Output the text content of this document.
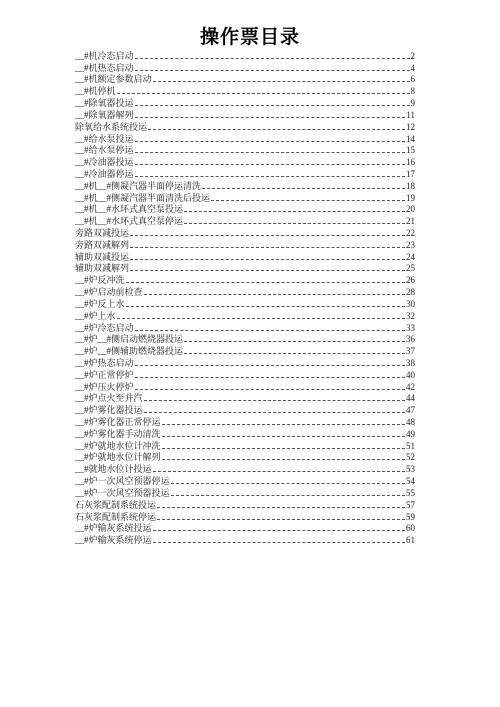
操作票目录
__#机冷态启动	2
__#机热态启动	4
__#机额定参数启动	6
__#机停机	8
__#除氧器投运	9
__#除氧器解列	11
除氧给水系统投运	12
__#给水泵投运	14
__#给水泵停运	15
__#冷油器投运	16
__#冷油器停运	17
__#机__#侧凝汽器半面停运清洗	18
__#机__#侧凝汽器半面清洗后投运	19
__#机__#水环式真空泵投运	20
__#机__#水环式真空泵停运	21
旁路双减投运	22
旁路双减解列	23
辅助双减投运	24
辅助双减解列	25
__#炉反冲洗	26
__#炉启动前检查	28
__#炉反上水	30
__#炉上水	32
__#炉冷态启动	33
__#炉__#侧启动燃烧器投运	36
__#炉__#侧辅助燃烧器投运	37
__#炉热态启动	38
__#炉正常停炉	40
__#炉压火停炉	42
__#炉点火至并汽	44
__#炉雾化器投运	47
__#炉雾化器正常停运	48
__#炉雾化器手动清洗	49
__#炉就地水位计冲洗	51
__#炉就地水位计解列	52
__#就地水位计投运	53
__#炉一次风空预器停运	54
__#炉一次风空预器投运	55
石灰浆配制系统投运	57
石灰浆配制系统停运	59
__#炉输灰系统投运	60
__#炉输灰系统停运	61
